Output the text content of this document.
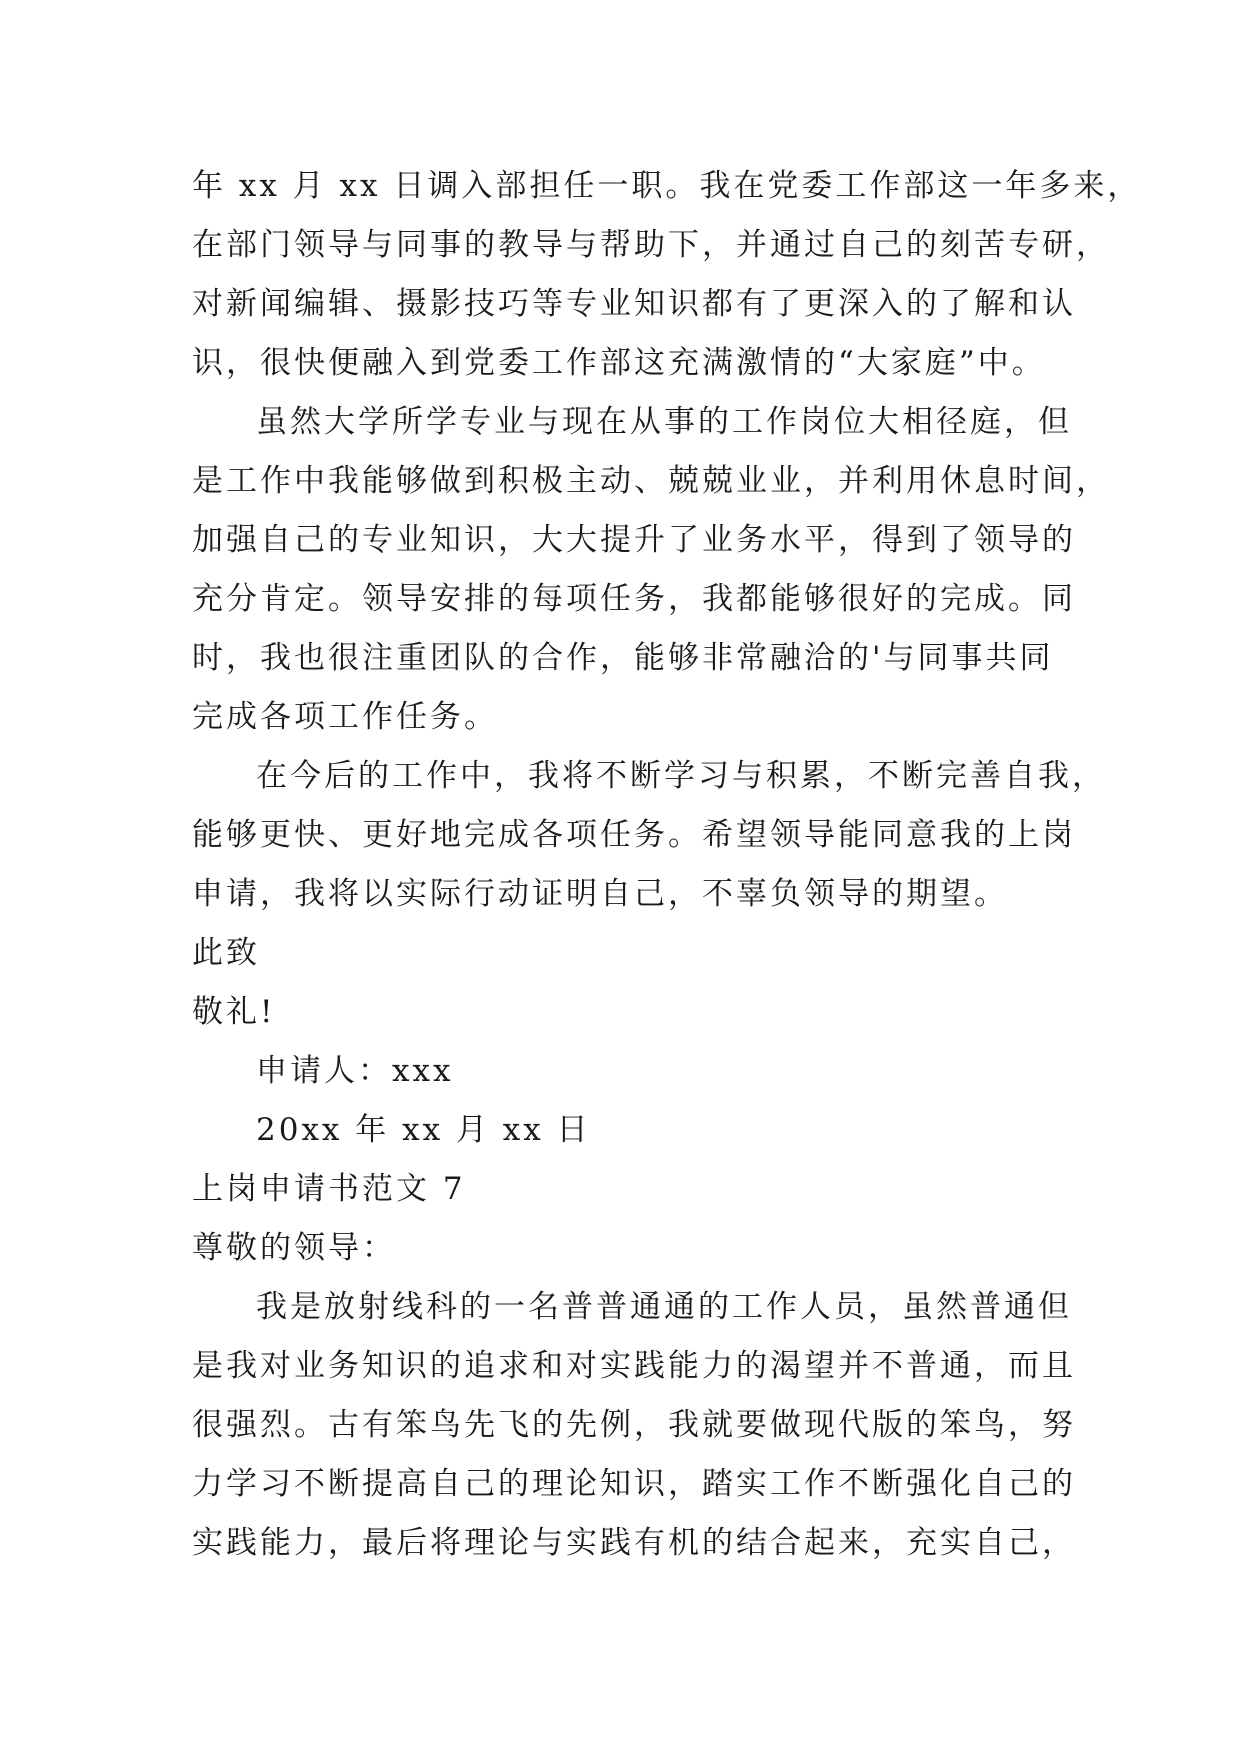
年 xx 月 xx 日调入部担任一职。我在党委工作部这一年多来，
在部门领导与同事的教导与帮助下，并通过自己的刻苦专研，
对新闻编辑、摄影技巧等专业知识都有了更深入的了解和认
识，很快便融入到党委工作部这充满激情的“大家庭”中。
虽然大学所学专业与现在从事的工作岗位大相径庭，但
是工作中我能够做到积极主动、兢兢业业，并利用休息时间，
加强自己的专业知识，大大提升了业务水平，得到了领导的
充分肯定。领导安排的每项任务，我都能够很好的完成。同
时，我也很注重团队的合作，能够非常融洽的'与同事共同
完成各项工作任务。
在今后的工作中，我将不断学习与积累，不断完善自我，
能够更快、更好地完成各项任务。希望领导能同意我的上岗
申请，我将以实际行动证明自己，不辜负领导的期望。
此致
敬礼!
申请人：xxx
20xx 年 xx 月 xx 日
上岗申请书范文 7
尊敬的领导：
我是放射线科的一名普普通通的工作人员，虽然普通但
是我对业务知识的追求和对实践能力的渴望并不普通，而且
很强烈。古有笨鸟先飞的先例，我就要做现代版的笨鸟，努
力学习不断提高自己的理论知识，踏实工作不断强化自己的
实践能力，最后将理论与实践有机的结合起来，充实自己，
